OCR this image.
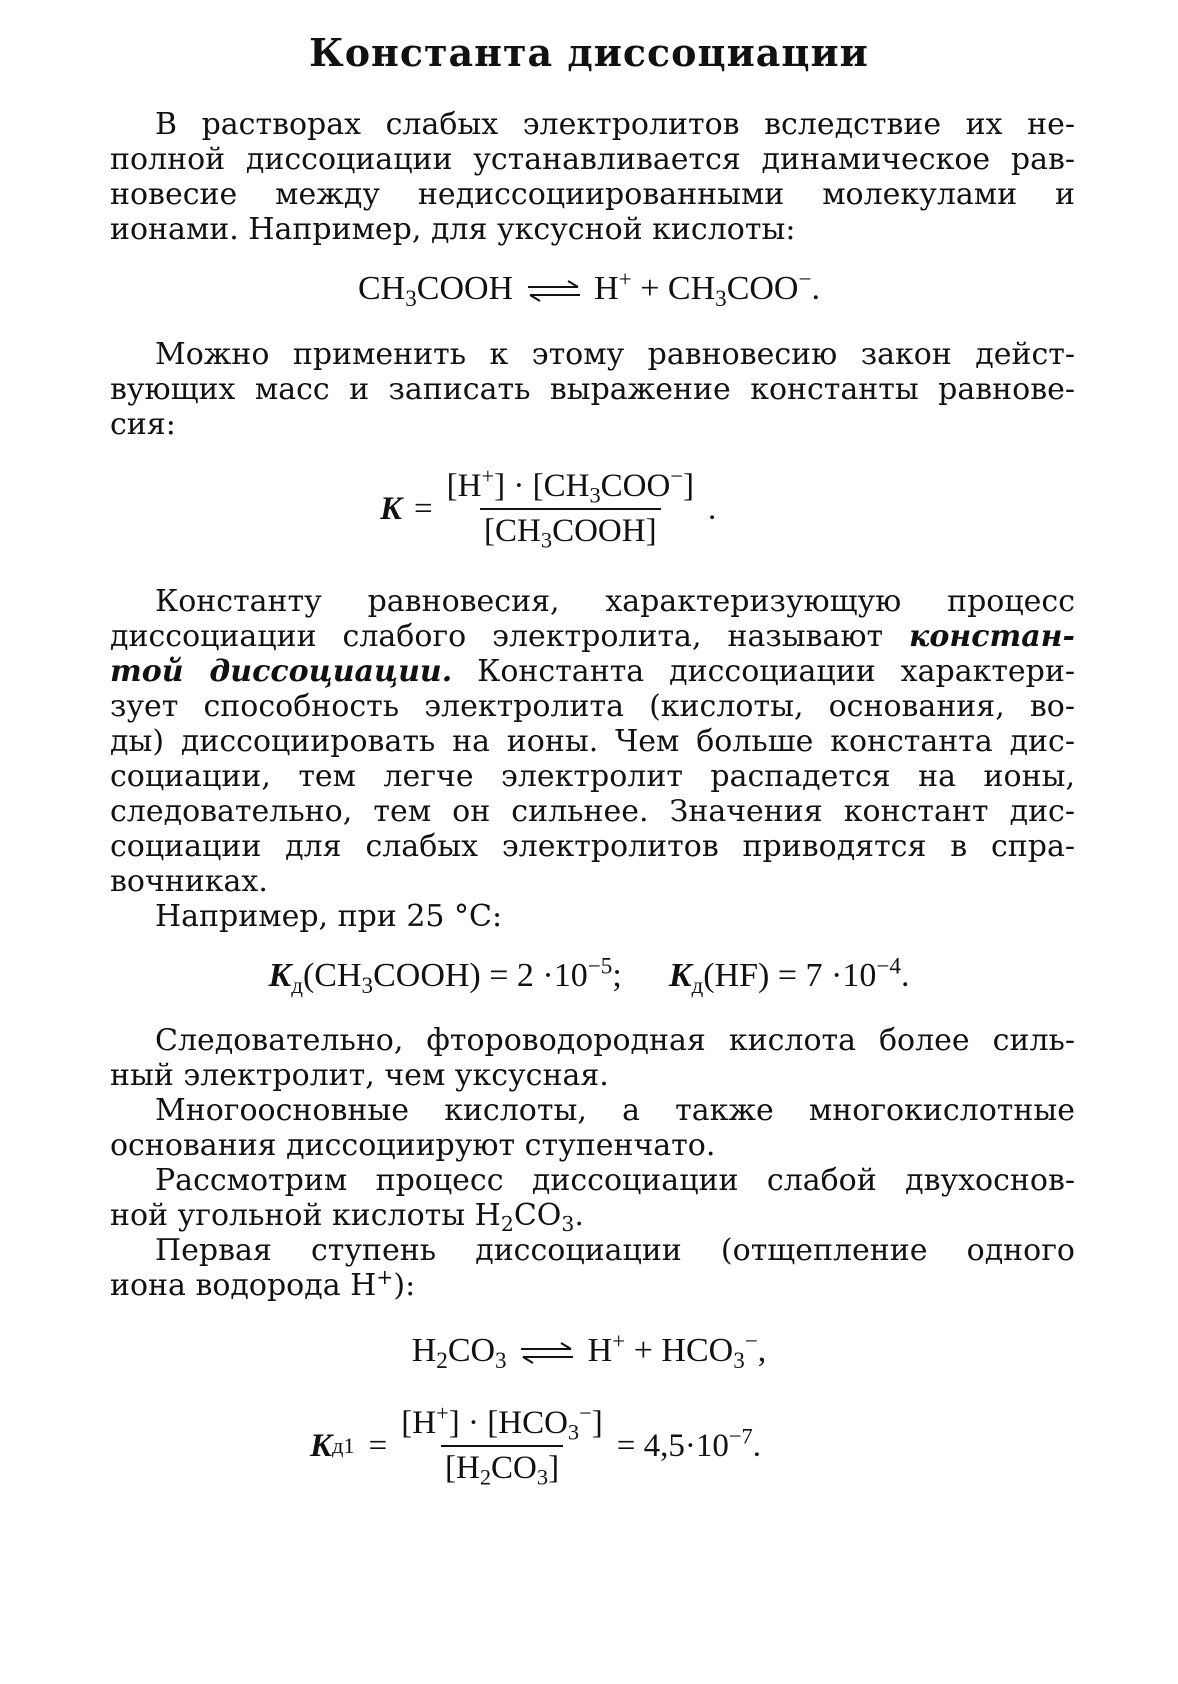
Константа диссоциации
В растворах слабых электролитов вследствие их не-
полной диссоциации устанавливается динамическое рав-
новесие между недиссоциированными молекулами и
ионами. Например, для уксусной кислоты:
$CH_3COOH$ ⇌ $H^+ + CH_3COO^-$.
Можно применить к этому равновесию закон дейст-
вующих масс и записать выражение константы равнове-
сия:
$K = \frac{[H^+] \cdot [CH_3COO^-]}{[CH_3COOH]}$ .
Константу равновесия, характеризующую процесс
диссоциации слабого электролита, называют констан-
той диссоциации. Константа диссоциации характери-
зует способность электролита (кислоты, основания, во-
ды) диссоциировать на ионы. Чем больше константа дис-
социации, тем легче электролит распадется на ионы,
следовательно, тем он сильнее. Значения констант дис-
социации для слабых электролитов приводятся в спра-
вочниках.
Например, при 25 °C:
$K_д(CH_3COOH) = 2 \cdot 10^{-5}$; $K_д(HF) = 7 \cdot 10^{-4}$.
Следовательно, фтороводородная кислота более силь-
ный электролит, чем уксусная.
Многоосновные кислоты, а также многокислотные
основания диссоциируют ступенчато.
Рассмотрим процесс диссоциации слабой двухоснов-
ной угольной кислоты $H_2CO_3$.
Первая ступень диссоциации (отщепление одного
иона водорода H+):
$H_2CO_3$ ⇌ $H^+ + HCO_3^-$,
K $д1 = \frac{[H^+] \cdot [HCO_3^-]}{[H_2CO_3]} = 4,5\cdot 10^{-7}$.
